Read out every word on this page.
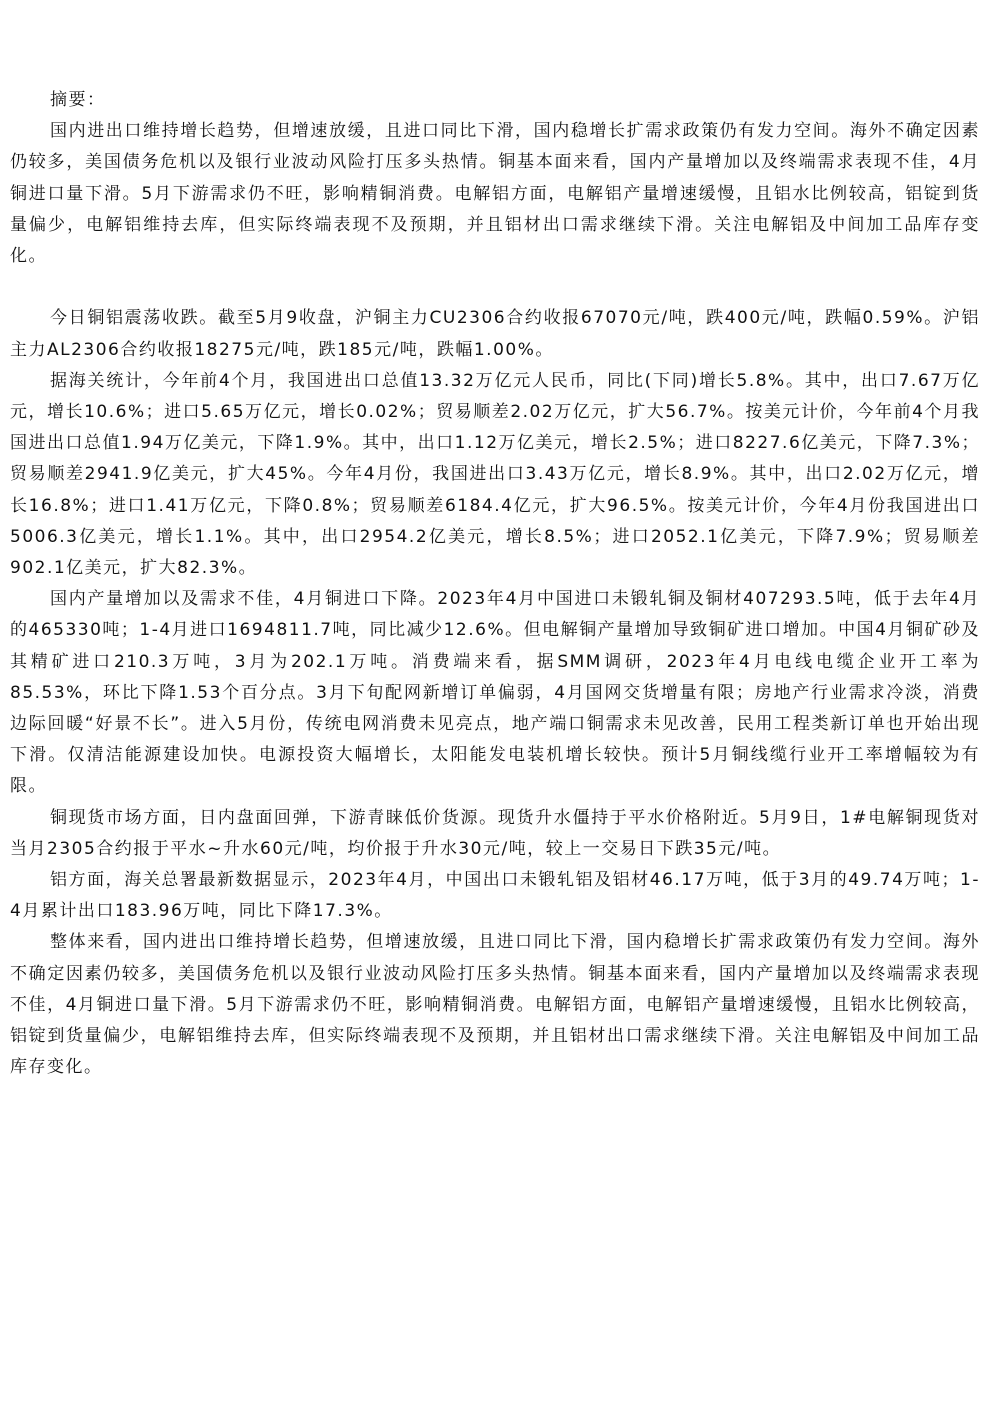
摘要：

国内进出口维持增长趋势，但增速放缓，且进口同比下滑，国内稳增长扩需求政策仍有发力空间。海外不确定因素仍较多，美国债务危机以及银行业波动风险打压多头热情。铜基本面来看，国内产量增加以及终端需求表现不佳，4月铜进口量下滑。5月下游需求仍不旺，影响精铜消费。电解铝方面，电解铝产量增速缓慢，且铝水比例较高，铝锭到货量偏少，电解铝维持去库，但实际终端表现不及预期，并且铝材出口需求继续下滑。关注电解铝及中间加工品库存变化。

今日铜铝震荡收跌。截至5月9收盘，沪铜主力CU2306合约收报67070元/吨，跌400元/吨，跌幅0.59%。沪铝主力AL2306合约收报18275元/吨，跌185元/吨，跌幅1.00%。

据海关统计，今年前4个月，我国进出口总值13.32万亿元人民币，同比(下同)增长5.8%。其中，出口7.67万亿元，增长10.6%；进口5.65万亿元，增长0.02%；贸易顺差2.02万亿元，扩大56.7%。按美元计价，今年前4个月我国进出口总值1.94万亿美元，下降1.9%。其中，出口1.12万亿美元，增长2.5%；进口8227.6亿美元，下降7.3%；贸易顺差2941.9亿美元，扩大45%。今年4月份，我国进出口3.43万亿元，增长8.9%。其中，出口2.02万亿元，增长16.8%；进口1.41万亿元，下降0.8%；贸易顺差6184.4亿元，扩大96.5%。按美元计价，今年4月份我国进出口5006.3亿美元，增长1.1%。其中，出口2954.2亿美元，增长8.5%；进口2052.1亿美元，下降7.9%；贸易顺差902.1亿美元，扩大82.3%。

国内产量增加以及需求不佳，4月铜进口下降。2023年4月中国进口未锻轧铜及铜材407293.5吨，低于去年4月的465330吨；1-4月进口1694811.7吨，同比减少12.6%。但电解铜产量增加导致铜矿进口增加。中国4月铜矿砂及其精矿进口210.3万吨，3月为202.1万吨。消费端来看，据SMM调研，2023年4月电线电缆企业开工率为85.53%，环比下降1.53个百分点。3月下旬配网新增订单偏弱，4月国网交货增量有限；房地产行业需求冷淡，消费边际回暖“好景不长”。进入5月份，传统电网消费未见亮点，地产端口铜需求未见改善，民用工程类新订单也开始出现下滑。仅清洁能源建设加快。电源投资大幅增长，太阳能发电装机增长较快。预计5月铜线缆行业开工率增幅较为有限。

铜现货市场方面，日内盘面回弹，下游青睐低价货源。现货升水僵持于平水价格附近。5月9日，1#电解铜现货对当月2305合约报于平水~升水60元/吨，均价报于升水30元/吨，较上一交易日下跌35元/吨。

铝方面，海关总署最新数据显示，2023年4月，中国出口未锻轧铝及铝材46.17万吨，低于3月的49.74万吨；1-4月累计出口183.96万吨，同比下降17.3%。

整体来看，国内进出口维持增长趋势，但增速放缓，且进口同比下滑，国内稳增长扩需求政策仍有发力空间。海外不确定因素仍较多，美国债务危机以及银行业波动风险打压多头热情。铜基本面来看，国内产量增加以及终端需求表现不佳，4月铜进口量下滑。5月下游需求仍不旺，影响精铜消费。电解铝方面，电解铝产量增速缓慢，且铝水比例较高，铝锭到货量偏少，电解铝维持去库，但实际终端表现不及预期，并且铝材出口需求继续下滑。关注电解铝及中间加工品库存变化。
